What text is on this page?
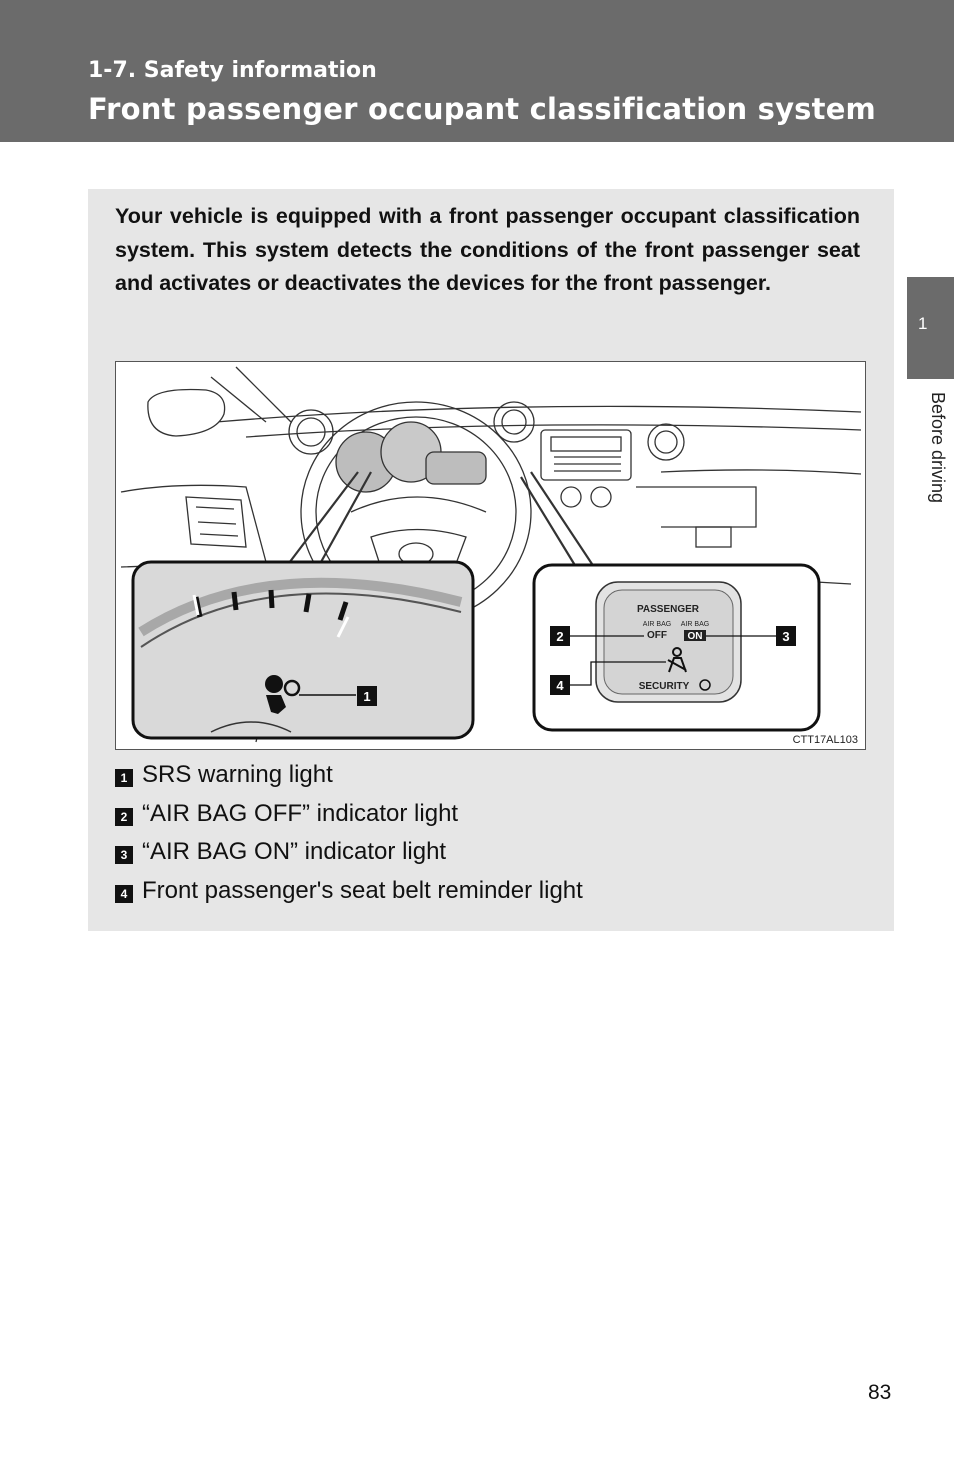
1-7. Safety information
Front passenger occupant classification system
1
Before driving
Your vehicle is equipped with a front passenger occupant classification system. This system detects the conditions of the front passenger seat and activates or deactivates the devices for the front passenger.
PASSENGER
AIR BAG
OFF
AIR BAG
ON
SECURITY
1
2	3
4
CTT17AL103
1 SRS warning light
2 “AIR BAG OFF” indicator light
3 “AIR BAG ON” indicator light
4 Front passenger's seat belt reminder light
83
